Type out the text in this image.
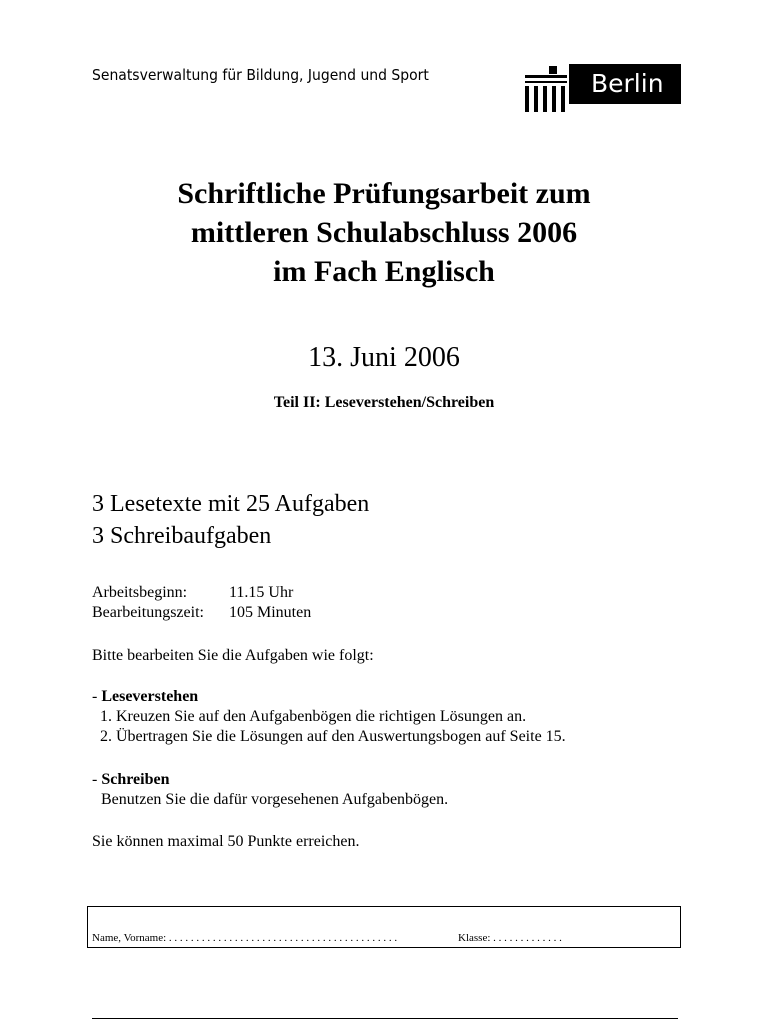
Senatsverwaltung für Bildung, Jugend und Sport	Berlin
Schriftliche Prüfungsarbeit zum
mittleren Schulabschluss 2006
im Fach Englisch
13. Juni 2006
Teil II: Leseverstehen/Schreiben
3 Lesetexte mit 25 Aufgaben
3 Schreibaufgaben
Arbeitsbeginn:	11.15 Uhr
Bearbeitungszeit: 105 Minuten
Bitte bearbeiten Sie die Aufgaben wie folgt:
- Leseverstehen
1. Kreuzen Sie auf den Aufgabenbögen die richtigen Lösungen an.
2. Übertragen Sie die Lösungen auf den Auswertungsbogen auf Seite 15.
- Schreiben
Benutzen Sie die dafür vorgesehenen Aufgabenbögen.
Sie können maximal 50 Punkte erreichen.
Name, Vorname: . . . . . . . . . . . . . . . . . . . . . . . . . . . . . . . . . . . . . . . . . .	Klasse: . . . . . . . . . . . . .
